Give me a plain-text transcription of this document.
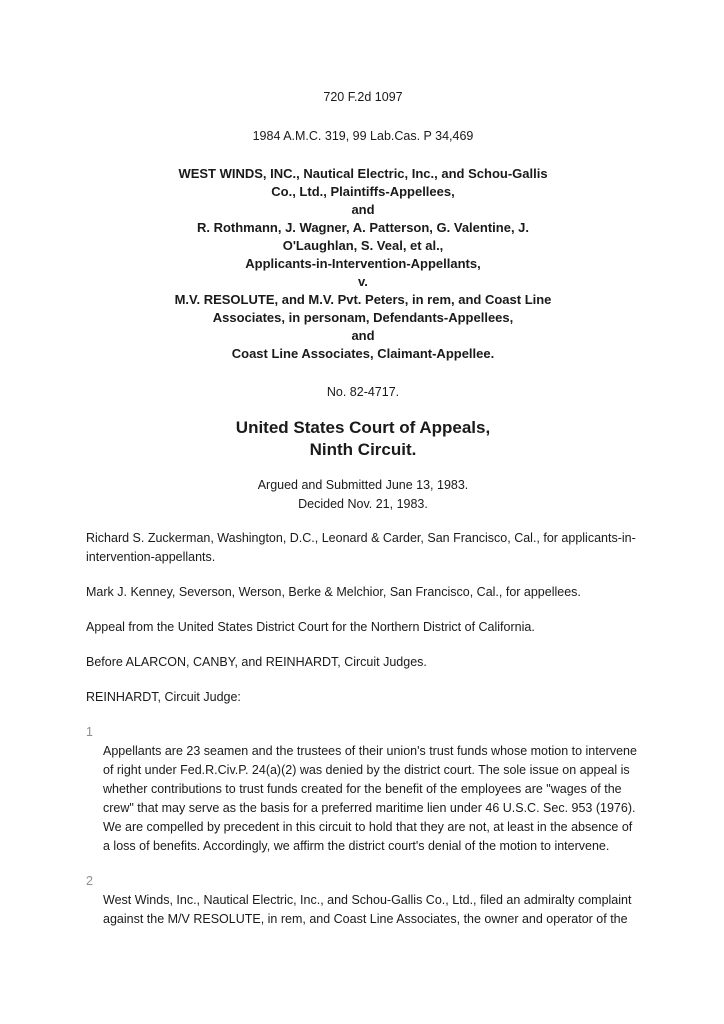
720 F.2d 1097
1984 A.M.C. 319, 99 Lab.Cas. P 34,469
WEST WINDS, INC., Nautical Electric, Inc., and Schou-Gallis
Co., Ltd., Plaintiffs-Appellees,
and
R. Rothmann, J. Wagner, A. Patterson, G. Valentine, J.
O'Laughlan, S. Veal, et al.,
Applicants-in-Intervention-Appellants,
v.
M.V. RESOLUTE, and M.V. Pvt. Peters, in rem, and Coast Line
Associates, in personam, Defendants-Appellees,
and
Coast Line Associates, Claimant-Appellee.
No. 82-4717.
United States Court of Appeals,
Ninth Circuit.
Argued and Submitted June 13, 1983.
Decided Nov. 21, 1983.

Richard S. Zuckerman, Washington, D.C., Leonard & Carder, San Francisco, Cal., for applicants-in-intervention-appellants.

Mark J. Kenney, Severson, Werson, Berke & Melchior, San Francisco, Cal., for appellees.

Appeal from the United States District Court for the Northern District of California.

Before ALARCON, CANBY, and REINHARDT, Circuit Judges.

REINHARDT, Circuit Judge:

1

Appellants are 23 seamen and the trustees of their union's trust funds whose motion to intervene of right under Fed.R.Civ.P. 24(a)(2) was denied by the district court. The sole issue on appeal is whether contributions to trust funds created for the benefit of the employees are "wages of the crew" that may serve as the basis for a preferred maritime lien under 46 U.S.C. Sec. 953 (1976). We are compelled by precedent in this circuit to hold that they are not, at least in the absence of a loss of benefits. Accordingly, we affirm the district court's denial of the motion to intervene.

2

West Winds, Inc., Nautical Electric, Inc., and Schou-Gallis Co., Ltd., filed an admiralty complaint against the M/V RESOLUTE, in rem, and Coast Line Associates, the owner and operator of the
